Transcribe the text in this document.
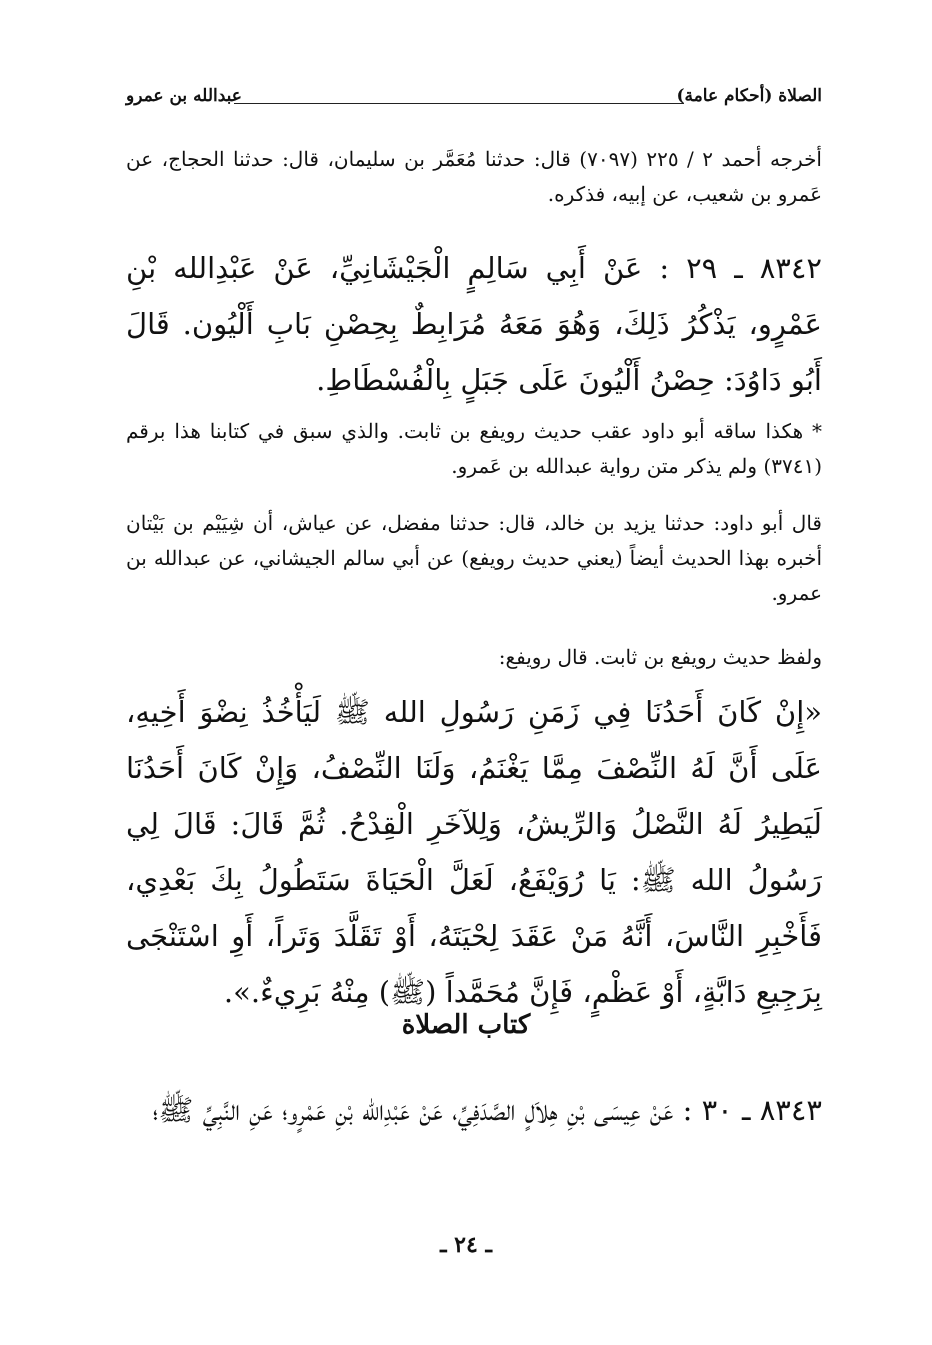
الصلاة (أحكام عامة)
عبدالله بن عمرو

أخرجه أحمد ٢ / ٢٢٥ (٧٠٩٧) قال: حدثنا مُعَمَّر بن سليمان، قال: حدثنا الحجاج، عن عَمرو بن شعيب، عن إبيه، فذكره.

٨٣٤٢ ـ ٢٩ : عَنْ أَبِي سَالِمٍ الْجَيْشَانِيِّ، عَنْ عَبْدِالله بْنِ عَمْرٍو، يَذْكُرُ ذَلِكَ، وَهُوَ مَعَهُ مُرَابِطٌ بِحِصْنِ بَابِ أَلْيُون. قَالَ أَبُو دَاوُدَ: حِصْنُ أَلْيُونَ عَلَى جَبَلٍ بِالْفُسْطَاطِ.

* هكذا ساقه أبو داود عقب حديث رويفع بن ثابت. والذي سبق في كتابنا هذا برقم (٣٧٤١) ولم يذكر متن رواية عبدالله بن عَمرو.

قال أبو داود: حدثنا يزيد بن خالد، قال: حدثنا مفضل، عن عياش، أن شِيَيْم بن بَيْتان أخبره بهذا الحديث أيضاً (يعني حديث رويفع) عن أبي سالم الجيشاني، عن عبدالله بن عمرو.

ولفظ حديث رويفع بن ثابت. قال رويفع:

«إِنْ كَانَ أَحَدُنَا فِي زَمَنِ رَسُولِ الله ﷺ لَيَأْخُذُ نِضْوَ أَخِيهِ، عَلَى أَنَّ لَهُ النِّصْفَ مِمَّا يَغْنَمُ، وَلَنَا النِّصْفُ، وَإِنْ كَانَ أَحَدُنَا لَيَطِيرُ لَهُ النَّصْلُ وَالرِّيشُ، وَلِلآخَرِ الْقِدْحُ. ثُمَّ قَالَ: قَالَ لِي رَسُولُ الله ﷺ: يَا رُوَيْفَعُ، لَعَلَّ الْحَيَاةَ سَتَطُولُ بِكَ بَعْدِي، فَأَخْبِرِ النَّاسَ، أَنَّهُ مَنْ عَقَدَ لِحْيَتَهُ، أَوْ تَقَلَّدَ وَتَراً، أَوِ اسْتَنْجَى بِرَجِيعِ دَابَّةٍ، أَوْ عَظْمٍ، فَإِنَّ مُحَمَّداً (ﷺ) مِنْهُ بَرِيءٌ.».

كتاب الصلاة

٨٣٤٣ ـ ٣٠ : عَنْ عِيسَى بْنِ هِلاَلٍ الصَّدَفِيِّ، عَنْ عَبْدِالله بْنِ عَمْرٍو؛ عَنِ النَّبِيِّ ﷺ؛

ـ ٢٤ ـ
